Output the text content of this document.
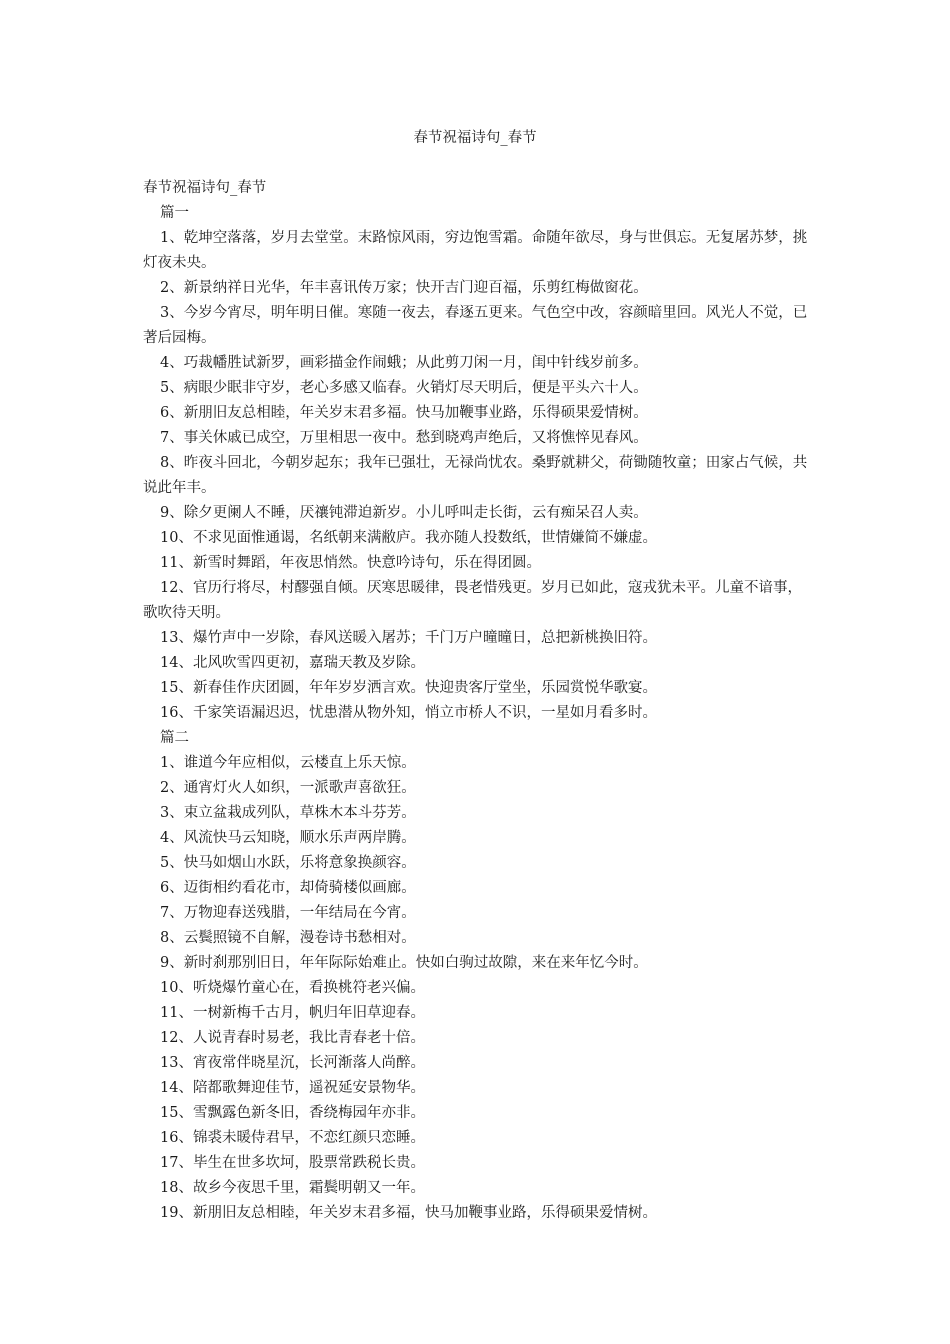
春节祝福诗句_春节

春节祝福诗句_春节

篇一

1、乾坤空落落，岁月去堂堂。末路惊风雨，穷边饱雪霜。命随年欲尽，身与世俱忘。无复屠苏梦，挑灯夜未央。

2、新景纳祥日光华，年丰喜讯传万家；快开吉门迎百福，乐剪红梅做窗花。

3、今岁今宵尽，明年明日催。寒随一夜去，春逐五更来。气色空中改，容颜暗里回。风光人不觉，已著后园梅。

4、巧裁幡胜试新罗，画彩描金作闹蛾；从此剪刀闲一月，闺中针线岁前多。

5、病眼少眠非守岁，老心多感又临春。火销灯尽天明后，便是平头六十人。

6、新朋旧友总相睦，年关岁末君多福。快马加鞭事业路，乐得硕果爱情树。

7、事关休戚已成空，万里相思一夜中。愁到晓鸡声绝后，又将憔悴见春风。

8、昨夜斗回北，今朝岁起东；我年已强壮，无禄尚忧农。桑野就耕父，荷锄随牧童；田家占气候，共说此年丰。

9、除夕更阑人不睡，厌禳钝滞迫新岁。小儿呼叫走长街，云有痴呆召人卖。

10、不求见面惟通谒，名纸朝来满敝庐。我亦随人投数纸，世情嫌简不嫌虚。

11、新雪时舞蹈，年夜思悄然。快意吟诗句，乐在得团圆。

12、官历行将尽，村醪强自倾。厌寒思暖律，畏老惜残更。岁月已如此，寇戎犹未平。儿童不谙事，歌吹待天明。

13、爆竹声中一岁除，春风送暖入屠苏；千门万户曈曈日，总把新桃换旧符。

14、北风吹雪四更初，嘉瑞天教及岁除。

15、新春佳作庆团圆，年年岁岁洒言欢。快迎贵客厅堂坐，乐园赏悦华歌宴。

16、千家笑语漏迟迟，忧患潜从物外知，悄立市桥人不识，一星如月看多时。

篇二

1、谁道今年应相似，云楼直上乐天惊。

2、通宵灯火人如织，一派歌声喜欲狂。

3、束立盆栽成列队，草株木本斗芬芳。

4、风流快马云知晓，顺水乐声两岸腾。

5、快马如烟山水跃，乐将意象换颜容。

6、迈街相约看花市，却倚骑楼似画廊。

7、万物迎春送残腊，一年结局在今宵。

8、云鬓照镜不自解，漫卷诗书愁相对。

9、新时刹那别旧日，年年际际始难止。快如白驹过故隙，来在来年忆今时。

10、听烧爆竹童心在，看换桃符老兴偏。

11、一树新梅千古月，帆归年旧草迎春。

12、人说青春时易老，我比青春老十倍。

13、宵夜常伴晓星沉，长河渐落人尚醉。

14、陪都歌舞迎佳节，遥祝延安景物华。

15、雪飘露色新冬旧，香绕梅园年亦非。

16、锦裘未暖侍君早，不恋红颜只恋睡。

17、毕生在世多坎坷，股票常跌税长贵。

18、故乡今夜思千里，霜鬓明朝又一年。

19、新朋旧友总相睦，年关岁末君多福，快马加鞭事业路，乐得硕果爱情树。
